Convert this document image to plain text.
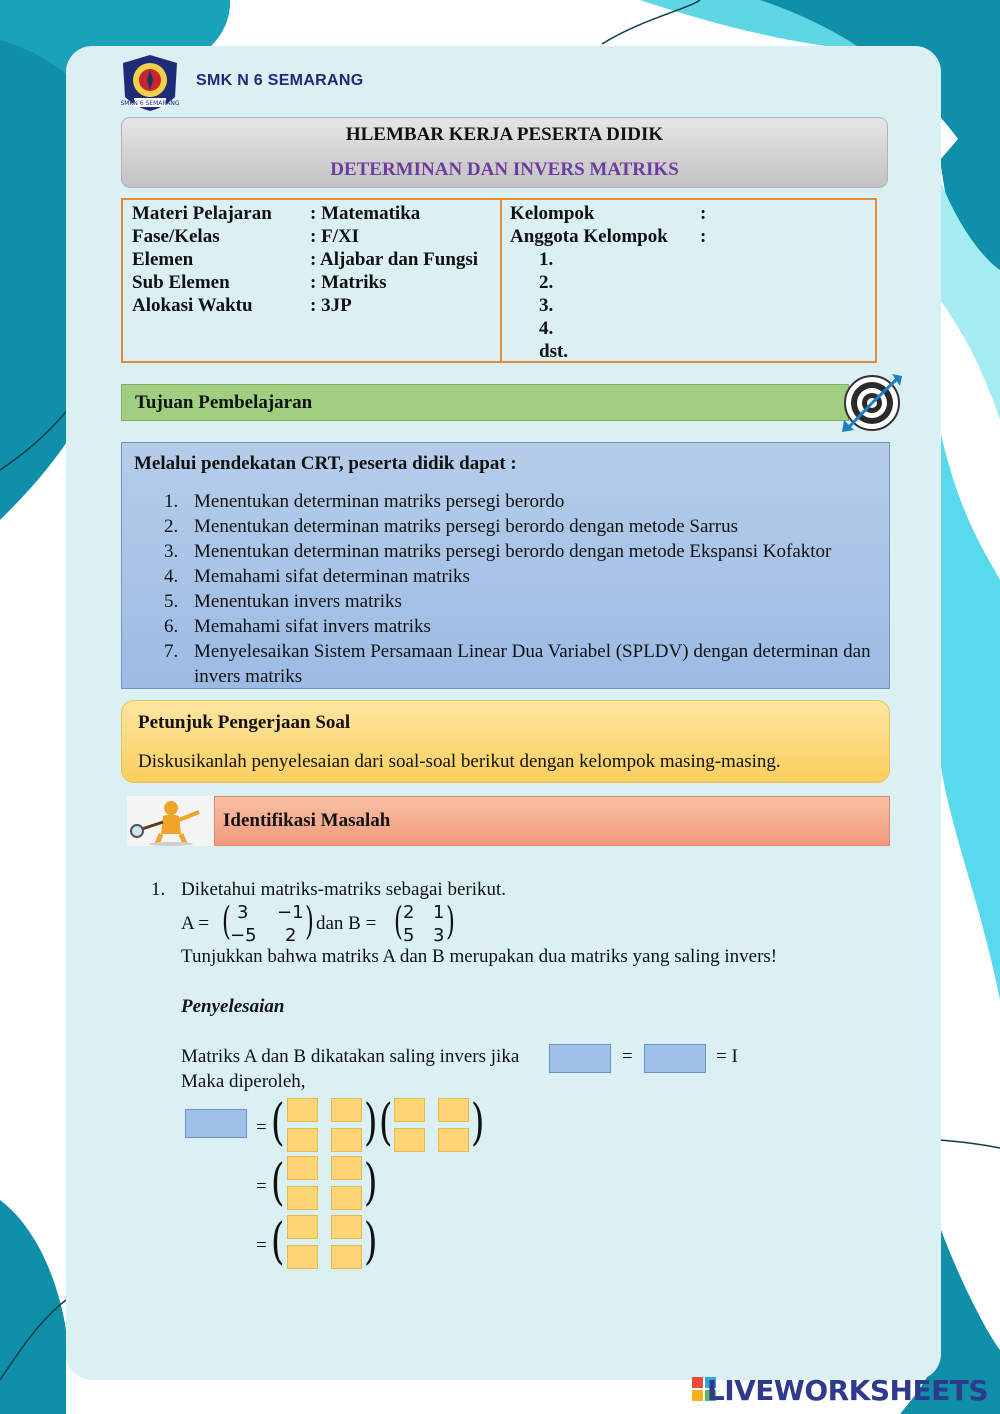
SMKN 6 SEMARANG
SMK N 6 SEMARANG
HLEMBAR KERJA PESERTA DIDIK
DETERMINAN DAN INVERS MATRIKS
Materi Pelajaran : Matematika
Fase/Kelas	: F/XI
Elemen	: Aljabar dan Fungsi
Sub Elemen	: Matriks
Alokasi Waktu	: 3JP
Kelompok	:
Anggota Kelompok :
1.
2.
3.
4.
dst.
Tujuan Pembelajaran
Melalui pendekatan CRT, peserta didik dapat :
1. Menentukan determinan matriks persegi berordo
2. Menentukan determinan matriks persegi berordo dengan metode Sarrus
3. Menentukan determinan matriks persegi berordo dengan metode Ekspansi Kofaktor
4. Memahami sifat determinan matriks
5. Menentukan invers matriks
6. Memahami sifat invers matriks
7. Menyelesaikan Sistem Persamaan Linear Dua Variabel (SPLDV) dengan determinan dan invers matriks
Petunjuk Pengerjaan Soal
Diskusikanlah penyelesaian dari soal-soal berikut dengan kelompok masing-masing.
Identifikasi Masalah
1. Diketahui matriks-matriks sebagai berikut.
A = ( 3 −1
−5 2 ) dan B = ( 2 1
5 3 )
Tunjukkan bahwa matriks A dan B merupakan dua matriks yang saling invers!
Penyelesaian
Matriks A dan B dikatakan saling invers jika	=	= I
Maka diperoleh,
= ( ) ( )
= ( )
= ( )
LIVEWORKSHEETS
